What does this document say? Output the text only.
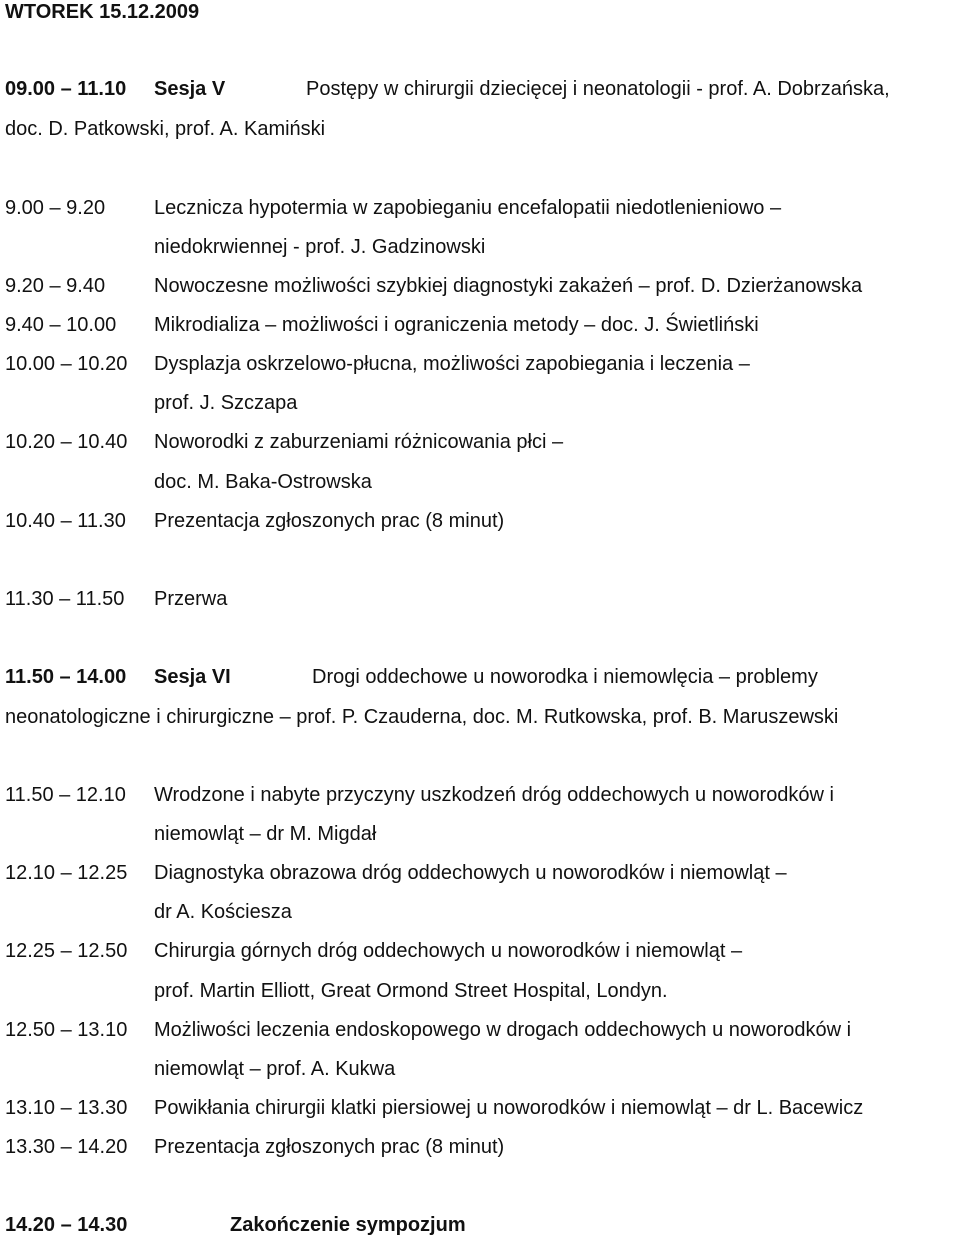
WTOREK 15.12.2009
09.00 – 11.10 Sesja V	Postępy w chirurgii dziecięcej i neonatologii - prof. A. Dobrzańska,
doc. D. Patkowski, prof. A. Kamiński
9.00 – 9.20 Lecznicza hypotermia w zapobieganiu encefalopatii niedotlenieniowo –
niedokrwiennej - prof. J. Gadzinowski
9.20 – 9.40 Nowoczesne możliwości szybkiej diagnostyki zakażeń – prof. D. Dzierżanowska
9.40 – 10.00 Mikrodializa – możliwości i ograniczenia metody – doc. J. Świetliński
10.00 – 10.20 Dysplazja oskrzelowo-płucna, możliwości zapobiegania i leczenia –
prof. J. Szczapa
10.20 – 10.40 Noworodki z zaburzeniami różnicowania płci –
doc. M. Baka-Ostrowska
10.40 – 11.30 Prezentacja zgłoszonych prac (8 minut)
11.30 – 11.50 Przerwa
11.50 – 14.00 Sesja VI	Drogi oddechowe u noworodka i niemowlęcia – problemy
neonatologiczne i chirurgiczne – prof. P. Czauderna, doc. M. Rutkowska, prof. B. Maruszewski
11.50 – 12.10 Wrodzone i nabyte przyczyny uszkodzeń dróg oddechowych u noworodków i
niemowląt – dr M. Migdał
12.10 – 12.25 Diagnostyka obrazowa dróg oddechowych u noworodków i niemowląt –
dr A. Kościesza
12.25 – 12.50 Chirurgia górnych dróg oddechowych u noworodków i niemowląt –
prof. Martin Elliott, Great Ormond Street Hospital, Londyn.
12.50 – 13.10 Możliwości leczenia endoskopowego w drogach oddechowych u noworodków i
niemowląt – prof. A. Kukwa
13.10 – 13.30 Powikłania chirurgii klatki piersiowej u noworodków i niemowląt – dr L. Bacewicz
13.30 – 14.20 Prezentacja zgłoszonych prac (8 minut)
14.20 – 14.30	Zakończenie sympozjum
